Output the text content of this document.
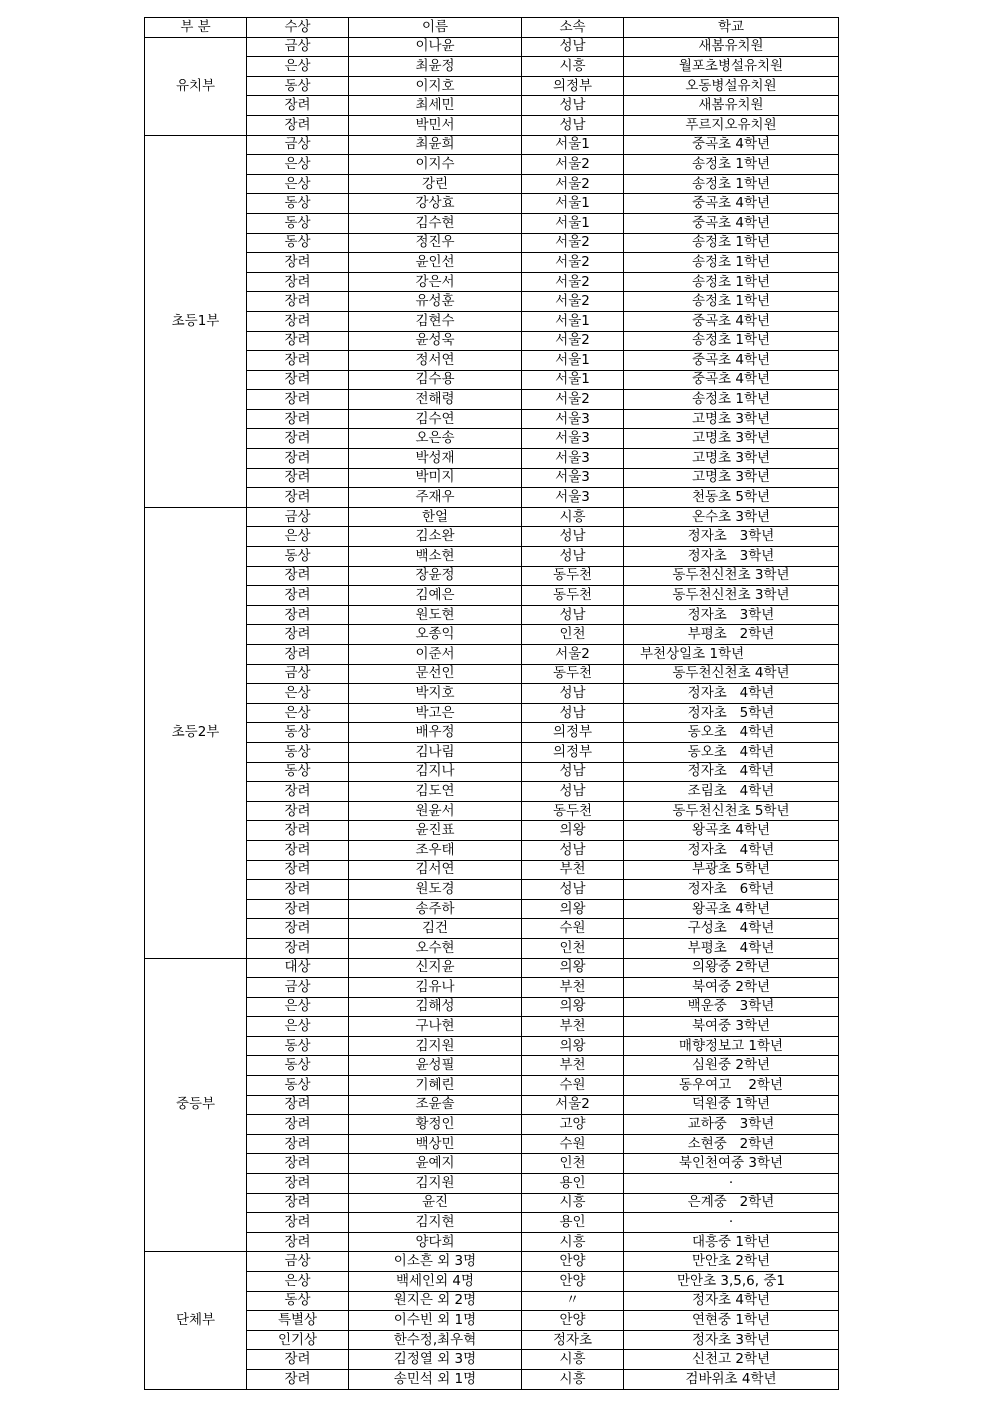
부 분	수상	이름	소속	학교
유치부	금상	이나윤	성남	새봄유치원
	은상	최윤정	시흥	월포초병설유치원
	동상	이지호	의정부	오동병설유치원
	장려	최세민	성남	새봄유치원
	장려	박민서	성남	푸르지오유치원
초등1부	금상	최윤희	서울1	중곡초 4학년
	은상	이지수	서울2	송정초 1학년
	은상	강린	서울2	송정초 1학년
	동상	강상효	서울1	중곡초 4학년
	동상	김수현	서울1	중곡초 4학년
	동상	정진우	서울2	송정초 1학년
	장려	윤인선	서울2	송정초 1학년
	장려	강은서	서울2	송정초 1학년
	장려	유성훈	서울2	송정초 1학년
	장려	김현수	서울1	중곡초 4학년
	장려	윤성욱	서울2	송정초 1학년
	장려	정서연	서울1	중곡초 4학년
	장려	김수용	서울1	중곡초 4학년
	장려	전해령	서울2	송정초 1학년
	장려	김수연	서울3	고명초 3학년
	장려	오은송	서울3	고명초 3학년
	장려	박성재	서울3	고명초 3학년
	장려	박미지	서울3	고명초 3학년
	장려	주재우	서울3	천동초 5학년
초등2부	금상	한얼	시흥	온수초 3학년
	은상	김소완	성남	정자초   3학년
	동상	백소현	성남	정자초   3학년
	장려	장윤정	동두천	동두천신천초 3학년
	장려	김예은	동두천	동두천신천초 3학년
	장려	원도현	성남	정자초   3학년
	장려	오종익	인천	부평초   2학년
	장려	이준서	서울2	부천상일초 1학년
	금상	문선인	동두천	동두천신천초 4학년
	은상	박지호	성남	정자초   4학년
	은상	박고은	성남	정자초   5학년
	동상	배우정	의정부	동오초   4학년
	동상	김나림	의정부	동오초   4학년
	동상	김지나	성남	정자초   4학년
	장려	김도연	성남	조림초   4학년
	장려	원윤서	동두천	동두천신천초 5학년
	장려	윤진표	의왕	왕곡초 4학년
	장려	조우태	성남	정자초   4학년
	장려	김서연	부천	부광초 5학년
	장려	원도경	성남	정자초   6학년
	장려	송주하	의왕	왕곡초 4학년
	장려	김건	수원	구성초   4학년
	장려	오수현	인천	부평초   4학년
중등부	대상	신지윤	의왕	의왕중 2학년
	금상	김유나	부천	북여중 2학년
	은상	김해성	의왕	백운중   3학년
	은상	구나현	부천	북여중 3학년
	동상	김지원	의왕	매향정보고 1학년
	동상	윤성필	부천	심원중 2학년
	동상	기혜린	수원	동우여고    2학년
	장려	조윤솔	서울2	덕원중 1학년
	장려	황정인	고양	교하중   3학년
	장려	백상민	수원	소현중   2학년
	장려	윤예지	인천	북인천여중 3학년
	장려	김지원	용인	·
	장려	윤진	시흥	은계중   2학년
	장려	김지현	용인	·
	장려	양다희	시흥	대흥중 1학년
단체부	금상	이소흔 외 3명	안양	만안초 2학년
	은상	백세인외 4명	안양	만안초 3,5,6, 중1
	동상	원지은 외 2명	〃	정자초 4학년
	특별상	이수빈 외 1명	안양	연현중 1학년
	인기상	한수정,최우혁	정자초	정자초 3학년
	장려	김정열 외 3명	시흥	신천고 2학년
	장려	송민석 외 1명	시흥	검바위초 4학년
